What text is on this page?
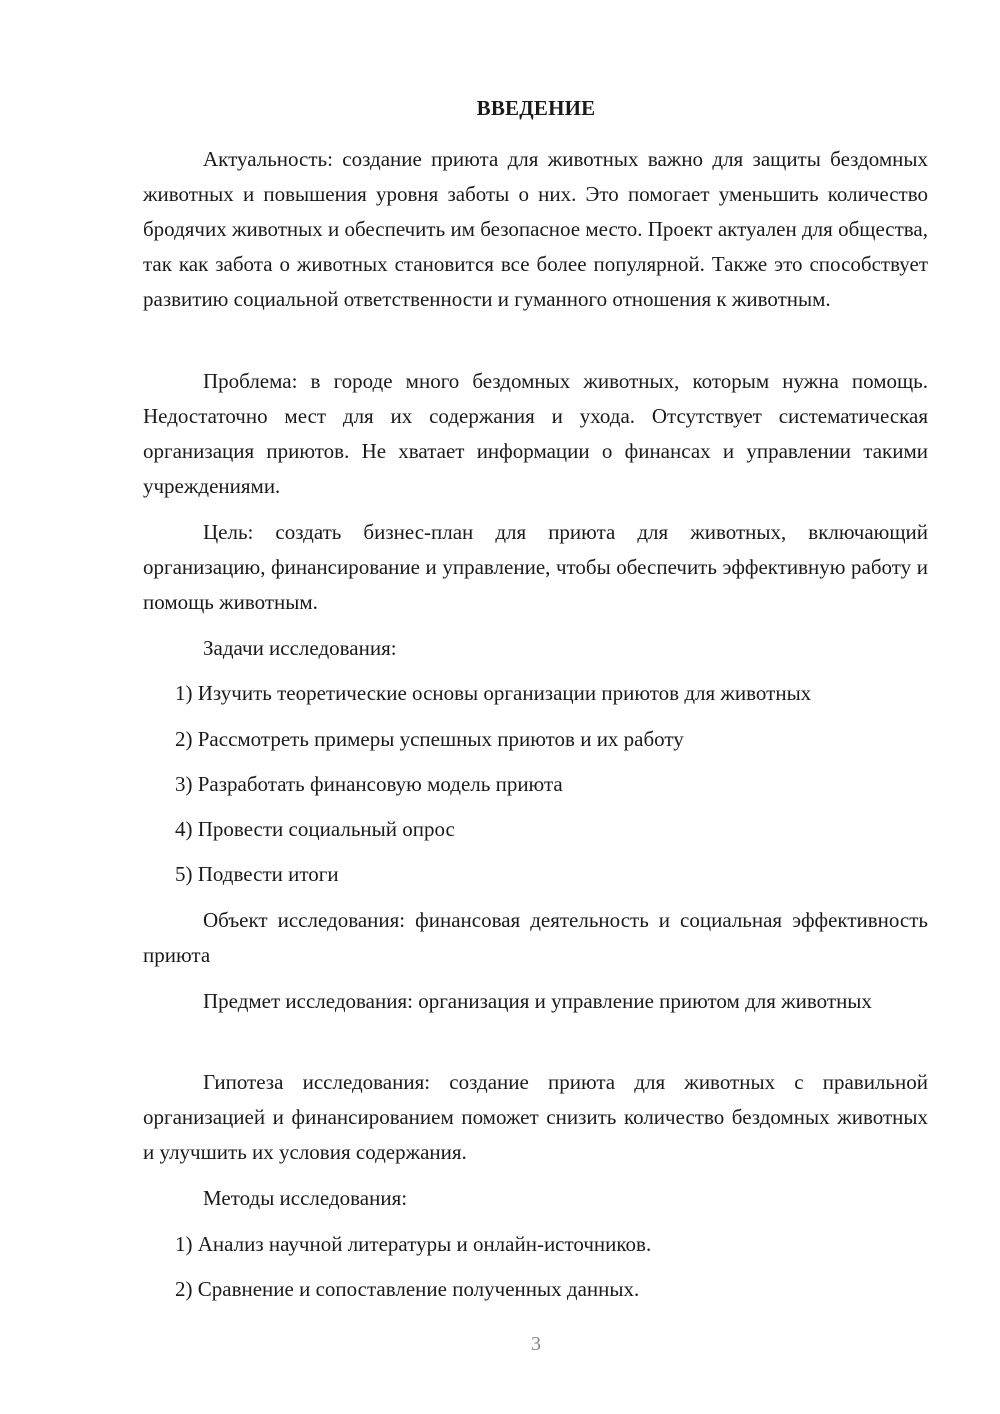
ВВЕДЕНИЕ

Актуальность: создание приюта для животных важно для защиты бездомных животных и повышения уровня заботы о них. Это помогает уменьшить количество бродячих животных и обеспечить им безопасное место. Проект актуален для общества, так как забота о животных становится все более популярной. Также это способствует развитию социальной ответственности и гуманного отношения к животным.

Проблема: в городе много бездомных животных, которым нужна помощь. Недостаточно мест для их содержания и ухода. Отсутствует систематическая организация приютов. Не хватает информации о финансах и управлении такими учреждениями.

Цель: создать бизнес-план для приюта для животных, включающий организацию, финансирование и управление, чтобы обеспечить эффективную работу и помощь животным.

Задачи исследования:

1) Изучить теоретические основы организации приютов для животных
2) Рассмотреть примеры успешных приютов и их работу
3) Разработать финансовую модель приюта
4) Провести социальный опрос
5) Подвести итоги

Объект исследования: финансовая деятельность и социальная эффективность приюта

Предмет исследования: организация и управление приютом для животных

Гипотеза исследования: создание приюта для животных с правильной организацией и финансированием поможет снизить количество бездомных животных и улучшить их условия содержания.

Методы исследования:

1) Анализ научной литературы и онлайн-источников.
2) Сравнение и сопоставление полученных данных.
3
